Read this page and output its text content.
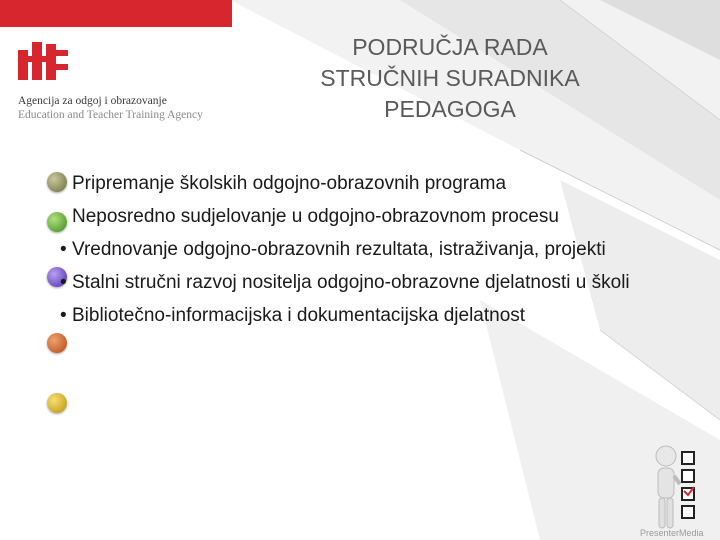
Agencija za odgoj i obrazovanje
Education and Teacher Training Agency
PODRUČJA RADA
STRUČNIH SURADNIKA
PEDAGOGA
Pripremanje školskih odgojno-obrazovnih programa
Neposredno sudjelovanje u odgojno-obrazovnom procesu
• Vrednovanje odgojno-obrazovnih rezultata, istraživanja, projekti
• Stalni stručni razvoj nositelja odgojno-obrazovne djelatnosti u školi
• Bibliotečno-informacijska i dokumentacijska djelatnost
PresenterMedia
